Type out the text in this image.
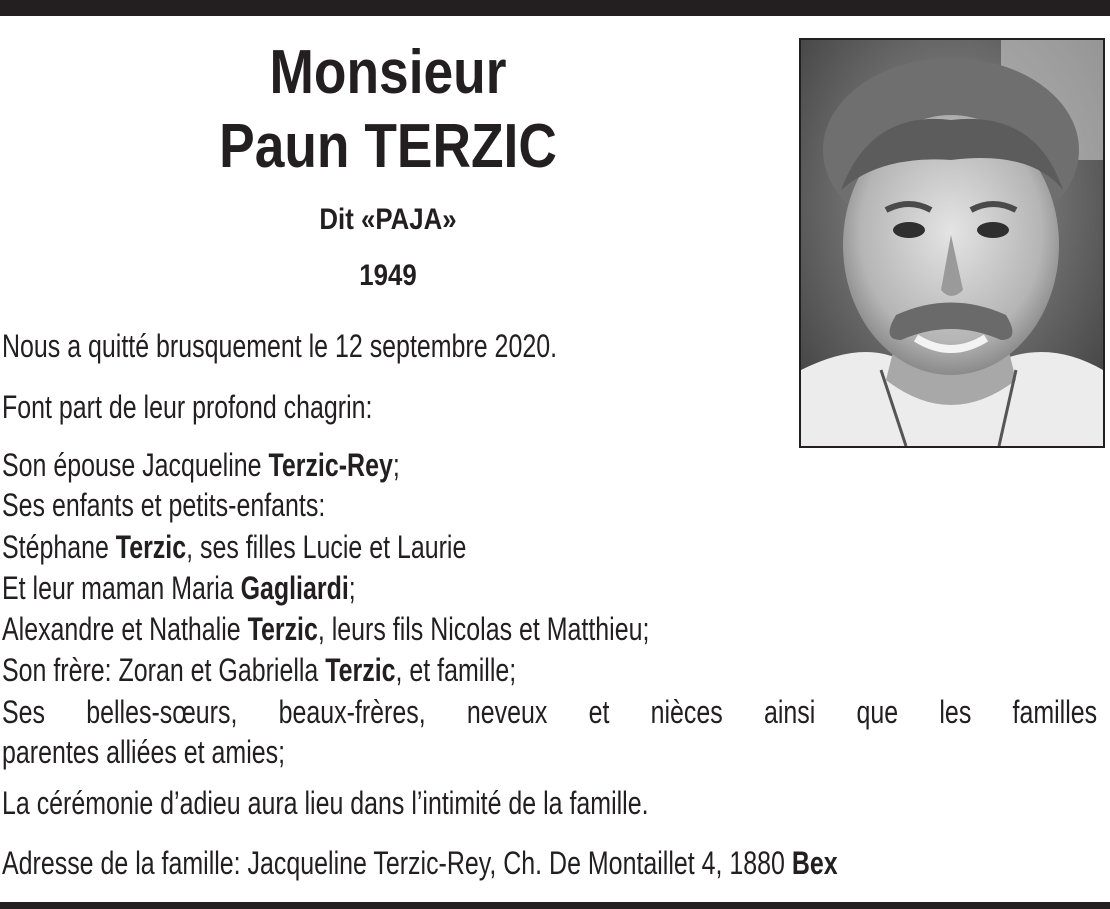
Monsieur
Paun TERZIC
Dit «PAJA»
1949
Nous a quitté brusquement le 12 septembre 2020.
Font part de leur profond chagrin:
Son épouse Jacqueline Terzic-Rey;
Ses enfants et petits-enfants:
Stéphane Terzic, ses filles Lucie et Laurie
Et leur maman Maria Gagliardi;
Alexandre et Nathalie Terzic, leurs fils Nicolas et Matthieu;
Son frère: Zoran et Gabriella Terzic, et famille;
Ses belles-sœurs, beaux-frères, neveux et nièces ainsi que les familles
parentes alliées et amies;
La cérémonie d’adieu aura lieu dans l’intimité de la famille.
Adresse de la famille: Jacqueline Terzic-Rey, Ch. De Montaillet 4, 1880 Bex
